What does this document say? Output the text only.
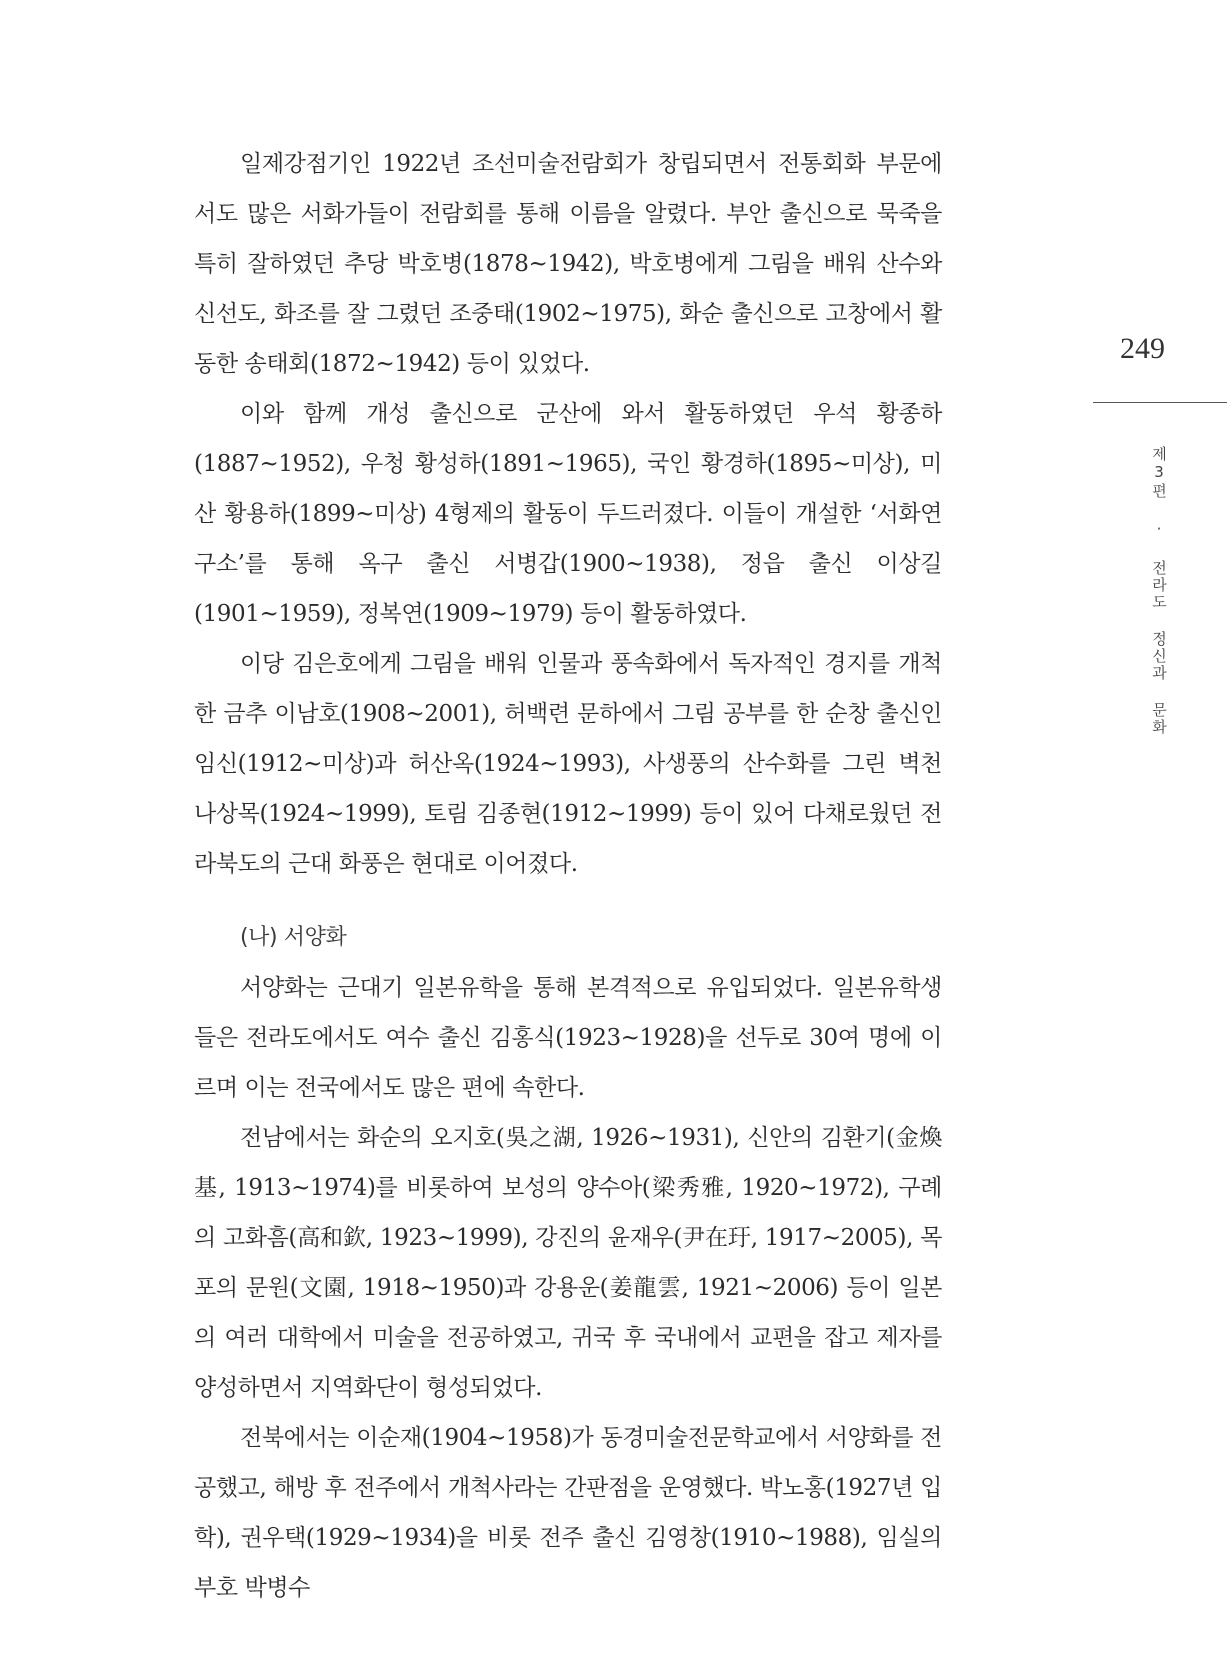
일제강점기인 1922년 조선미술전람회가 창립되면서 전통회화 부문에서도 많은 서화가들이 전람회를 통해 이름을 알렸다. 부안 출신으로 묵죽을 특히 잘하였던 추당 박호병(1878~1942), 박호병에게 그림을 배워 산수와 신선도, 화조를 잘 그렸던 조중태(1902~1975), 화순 출신으로 고창에서 활동한 송태회(1872~1942) 등이 있었다.

이와 함께 개성 출신으로 군산에 와서 활동하였던 우석 황종하(1887~1952), 우청 황성하(1891~1965), 국인 황경하(1895~미상), 미산 황용하(1899~미상) 4형제의 활동이 두드러졌다. 이들이 개설한 ‘서화연구소’를 통해 옥구 출신 서병갑(1900~1938), 정읍 출신 이상길(1901~1959), 정복연(1909~1979) 등이 활동하였다.

이당 김은호에게 그림을 배워 인물과 풍속화에서 독자적인 경지를 개척한 금추 이남호(1908~2001), 허백련 문하에서 그림 공부를 한 순창 출신인 임신(1912~미상)과 허산옥(1924~1993), 사생풍의 산수화를 그린 벽천 나상목(1924~1999), 토림 김종현(1912~1999) 등이 있어 다채로웠던 전라북도의 근대 화풍은 현대로 이어졌다.

(나) 서양화

서양화는 근대기 일본유학을 통해 본격적으로 유입되었다. 일본유학생들은 전라도에서도 여수 출신 김홍식(1923~1928)을 선두로 30여 명에 이르며 이는 전국에서도 많은 편에 속한다.

전남에서는 화순의 오지호(吳之湖, 1926~1931), 신안의 김환기(金煥基, 1913~1974)를 비롯하여 보성의 양수아(梁秀雅, 1920~1972), 구례의 고화흠(高和欽, 1923~1999), 강진의 윤재우(尹在玗, 1917~2005), 목포의 문원(文園, 1918~1950)과 강용운(姜龍雲, 1921~2006) 등이 일본의 여러 대학에서 미술을 전공하였고, 귀국 후 국내에서 교편을 잡고 제자를 양성하면서 지역화단이 형성되었다.

전북에서는 이순재(1904~1958)가 동경미술전문학교에서 서양화를 전공했고, 해방 후 전주에서 개척사라는 간판점을 운영했다. 박노홍(1927년 입학), 권우택(1929~1934)을 비롯 전주 출신 김영창(1910~1988), 임실의 부호 박병수

249
제3편 · 전라도 정신과 문화
